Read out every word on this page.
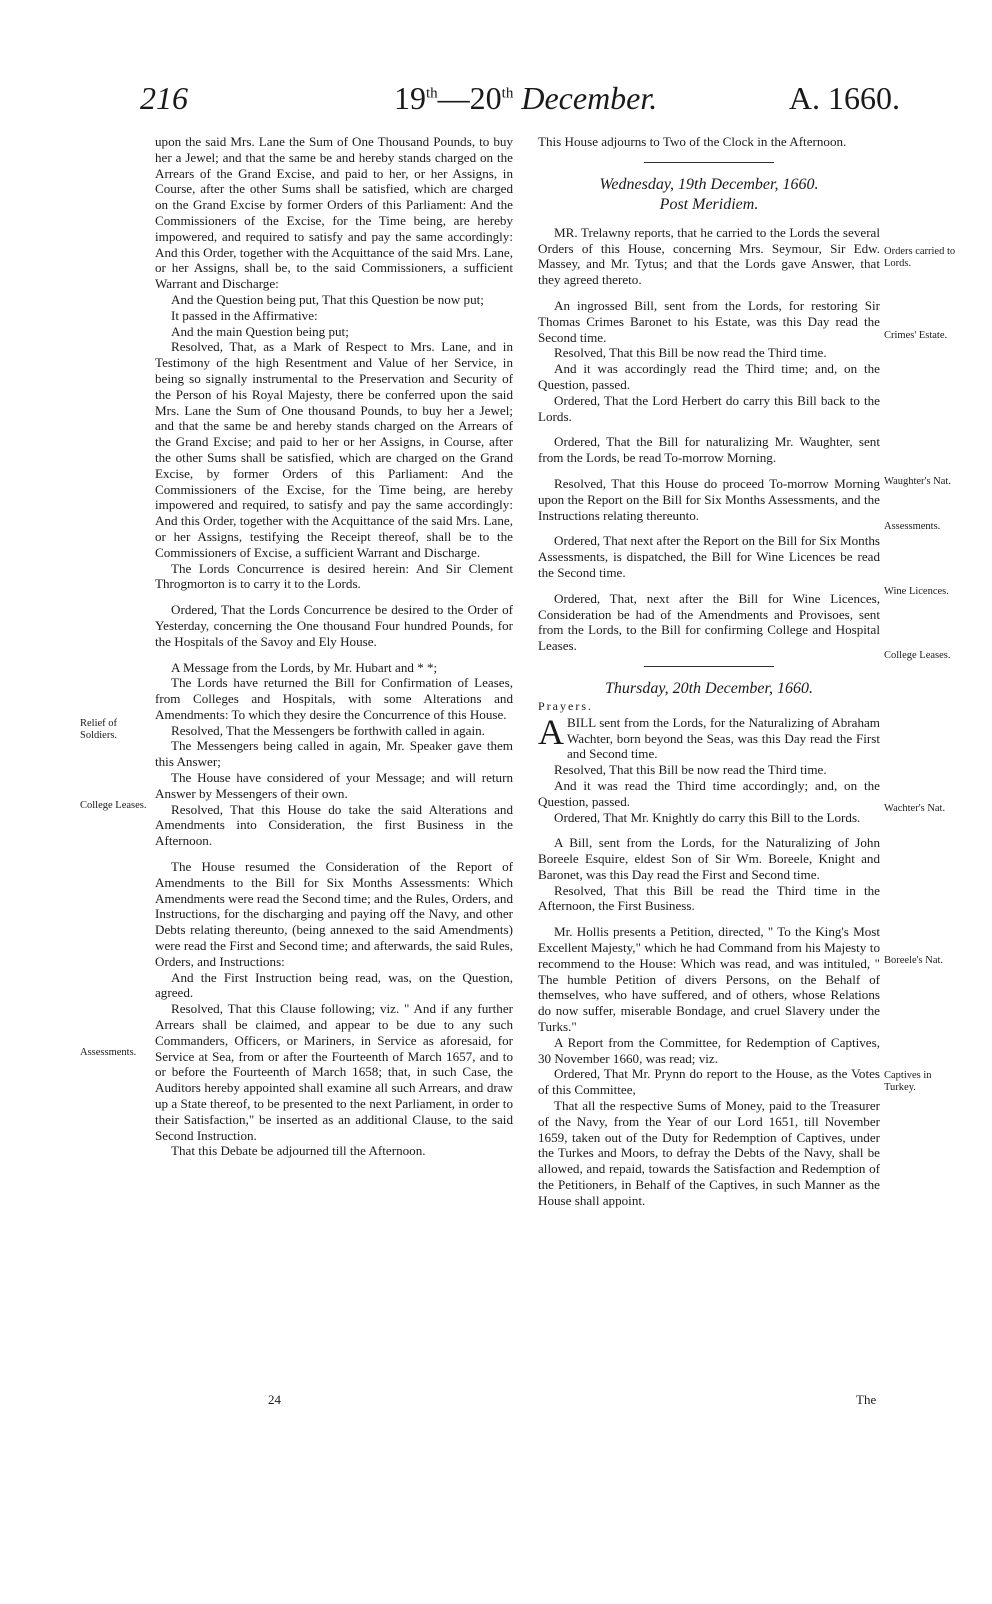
216	19th—20th December.	A. 1660.

upon the said Mrs. Lane the Sum of One Thousand Pounds, to buy her a Jewel; and that the same be and hereby stands charged on the Arrears of the Grand Excise, and paid to her, or her Assigns, in Course, after the other Sums shall be satisfied, which are charged on the Grand Excise by former Orders of this Parliament: And the Commissioners of the Excise, for the Time being, are hereby impowered, and required to satisfy and pay the same accordingly: And this Order, together with the Acquittance of the said Mrs. Lane, or her Assigns, shall be, to the said Commissioners, a sufficient Warrant and Discharge:

And the Question being put, That this Question be now put;

It passed in the Affirmative:

And the main Question being put;

Resolved, That, as a Mark of Respect to Mrs. Lane, and in Testimony of the high Resentment and Value of her Service, in being so signally instrumental to the Preservation and Security of the Person of his Royal Majesty, there be conferred upon the said Mrs. Lane the Sum of One thousand Pounds, to buy her a Jewel; and that the same be and hereby stands charged on the Arrears of the Grand Excise; and paid to her or her Assigns, in Course, after the other Sums shall be satisfied, which are charged on the Grand Excise, by former Orders of this Parliament: And the Commissioners of the Excise, for the Time being, are hereby impowered and required, to satisfy and pay the same accordingly: And this Order, together with the Acquittance of the said Mrs. Lane, or her Assigns, testifying the Receipt thereof, shall be to the Commissioners of Excise, a sufficient Warrant and Discharge.

The Lords Concurrence is desired herein: And Sir Clement Throgmorton is to carry it to the Lords.

Ordered, That the Lords Concurrence be desired to the Order of Yesterday, concerning the One thousand Four hundred Pounds, for the Hospitals of the Savoy and Ely House.

A Message from the Lords, by Mr. Hubart and * *;

The Lords have returned the Bill for Confirmation of Leases, from Colleges and Hospitals, with some Alterations and Amendments: To which they desire the Concurrence of this House.

Resolved, That the Messengers be forthwith called in again.

The Messengers being called in again, Mr. Speaker gave them this Answer;

The House have considered of your Message; and will return Answer by Messengers of their own.

Resolved, That this House do take the said Alterations and Amendments into Consideration, the first Business in the Afternoon.

The House resumed the Consideration of the Report of Amendments to the Bill for Six Months Assessments: Which Amendments were read the Second time; and the Rules, Orders, and Instructions, for the discharging and paying off the Navy, and other Debts relating thereunto, (being annexed to the said Amendments) were read the First and Second time; and afterwards, the said Rules, Orders, and Instructions:

And the First Instruction being read, was, on the Question, agreed.

Resolved, That this Clause following; viz. " And if any further Arrears shall be claimed, and appear to be due to any such Commanders, Officers, or Mariners, in Service as aforesaid, for Service at Sea, from or after the Fourteenth of March 1657, and to or before the Fourteenth of March 1658; that, in such Case, the Auditors hereby appointed shall examine all such Arrears, and draw up a State thereof, to be presented to the next Parliament, in order to their Satisfaction," be inserted as an additional Clause, to the said Second Instruction.

That this Debate be adjourned till the Afternoon.

This House adjourns to Two of the Clock in the Afternoon.

Wednesday, 19th December, 1660.
Post Meridiem.

MR. Trelawny reports, that he carried to the Lords the several Orders of this House, concerning Mrs. Seymour, Sir Edw. Massey, and Mr. Tytus; and that the Lords gave Answer, that they agreed thereto.

An ingrossed Bill, sent from the Lords, for restoring Sir Thomas Crimes Baronet to his Estate, was this Day read the Second time.

Resolved, That this Bill be now read the Third time.

And it was accordingly read the Third time; and, on the Question, passed.

Ordered, That the Lord Herbert do carry this Bill back to the Lords.

Ordered, That the Bill for naturalizing Mr. Waughter, sent from the Lords, be read To-morrow Morning.

Resolved, That this House do proceed To-morrow Morning upon the Report on the Bill for Six Months Assessments, and the Instructions relating thereunto.

Ordered, That next after the Report on the Bill for Six Months Assessments, is dispatched, the Bill for Wine Licences be read the Second time.

Ordered, That, next after the Bill for Wine Licences, Consideration be had of the Amendments and Provisoes, sent from the Lords, to the Bill for confirming College and Hospital Leases.

Thursday, 20th December, 1660.

Prayers.

ABILL sent from the Lords, for the Naturalizing of Abraham Wachter, born beyond the Seas, was this Day read the First and Second time.

Resolved, That this Bill be now read the Third time.

And it was read the Third time accordingly; and, on the Question, passed.

Ordered, That Mr. Knightly do carry this Bill to the Lords.

A Bill, sent from the Lords, for the Naturalizing of John Boreele Esquire, eldest Son of Sir Wm. Boreele, Knight and Baronet, was this Day read the First and Second time.

Resolved, That this Bill be read the Third time in the Afternoon, the First Business.

Mr. Hollis presents a Petition, directed, " To the King's Most Excellent Majesty," which he had Command from his Majesty to recommend to the House: Which was read, and was intituled, " The humble Petition of divers Persons, on the Behalf of themselves, who have suffered, and of others, whose Relations do now suffer, miserable Bondage, and cruel Slavery under the Turks."

A Report from the Committee, for Redemption of Captives, 30 November 1660, was read; viz.

Ordered, That Mr. Prynn do report to the House, as the Votes of this Committee,

That all the respective Sums of Money, paid to the Treasurer of the Navy, from the Year of our Lord 1651, till November 1659, taken out of the Duty for Redemption of Captives, under the Turkes and Moors, to defray the Debts of the Navy, shall be allowed, and repaid, towards the Satisfaction and Redemption of the Petitioners, in Behalf of the Captives, in such Manner as the House shall appoint.

Relief of Soldiers.
College Leases.
Assessments.
Orders carried to Lords.
Crimes' Estate.
Waughter's Nat.
Assessments.
Wine Licences.
College Leases.
Wachter's Nat.
Boreele's Nat.
Captives in Turkey.
24	The
